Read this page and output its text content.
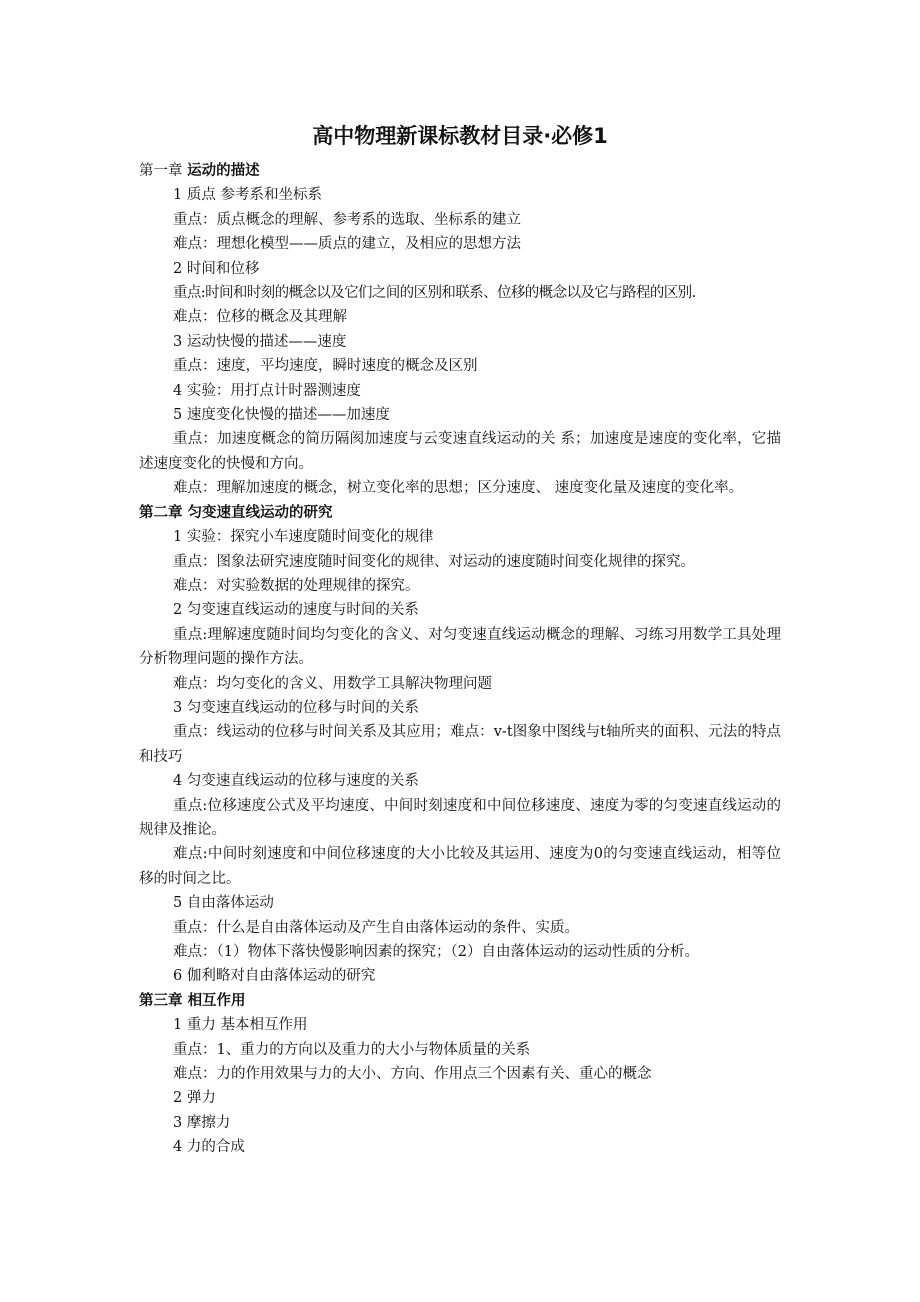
高中物理新课标教材目录·必修1
第一章 运动的描述
1 质点 参考系和坐标系
重点：质点概念的理解、参考系的选取、坐标系的建立
难点：理想化模型——质点的建立，及相应的思想方法
2 时间和位移
重点:时间和时刻的概念以及它们之间的区别和联系、位移的概念以及它与路程的区别.
难点：位移的概念及其理解
3 运动快慢的描述——速度
重点：速度，平均速度，瞬时速度的概念及区别
4 实验：用打点计时器测速度
5 速度变化快慢的描述——加速度
重点：加速度概念的简历隔阂加速度与云变速直线运动的关 系；加速度是速度的变化率，它描述速度变化的快慢和方向。
难点：理解加速度的概念，树立变化率的思想；区分速度、 速度变化量及速度的变化率。
第二章 匀变速直线运动的研究
1 实验：探究小车速度随时间变化的规律
重点：图象法研究速度随时间变化的规律、对运动的速度随时间变化规律的探究。
难点：对实验数据的处理规律的探究。
2 匀变速直线运动的速度与时间的关系
重点:理解速度随时间均匀变化的含义、对匀变速直线运动概念的理解、习练习用数学工具处理分析物理问题的操作方法。
难点：均匀变化的含义、用数学工具解决物理问题
3 匀变速直线运动的位移与时间的关系
重点：线运动的位移与时间关系及其应用；难点：v-t图象中图线与t轴所夹的面积、元法的特点和技巧
4 匀变速直线运动的位移与速度的关系
重点:位移速度公式及平均速度、中间时刻速度和中间位移速度、速度为零的匀变速直线运动的规律及推论。
难点:中间时刻速度和中间位移速度的大小比较及其运用、速度为0的匀变速直线运动，相等位移的时间之比。
5 自由落体运动
重点：什么是自由落体运动及产生自由落体运动的条件、实质。
难点：（1）物体下落快慢影响因素的探究；（2）自由落体运动的运动性质的分析。
6 伽利略对自由落体运动的研究
第三章 相互作用
1 重力 基本相互作用
重点：1、重力的方向以及重力的大小与物体质量的关系
难点：力的作用效果与力的大小、方向、作用点三个因素有关、重心的概念
2 弹力
3 摩擦力
4 力的合成
